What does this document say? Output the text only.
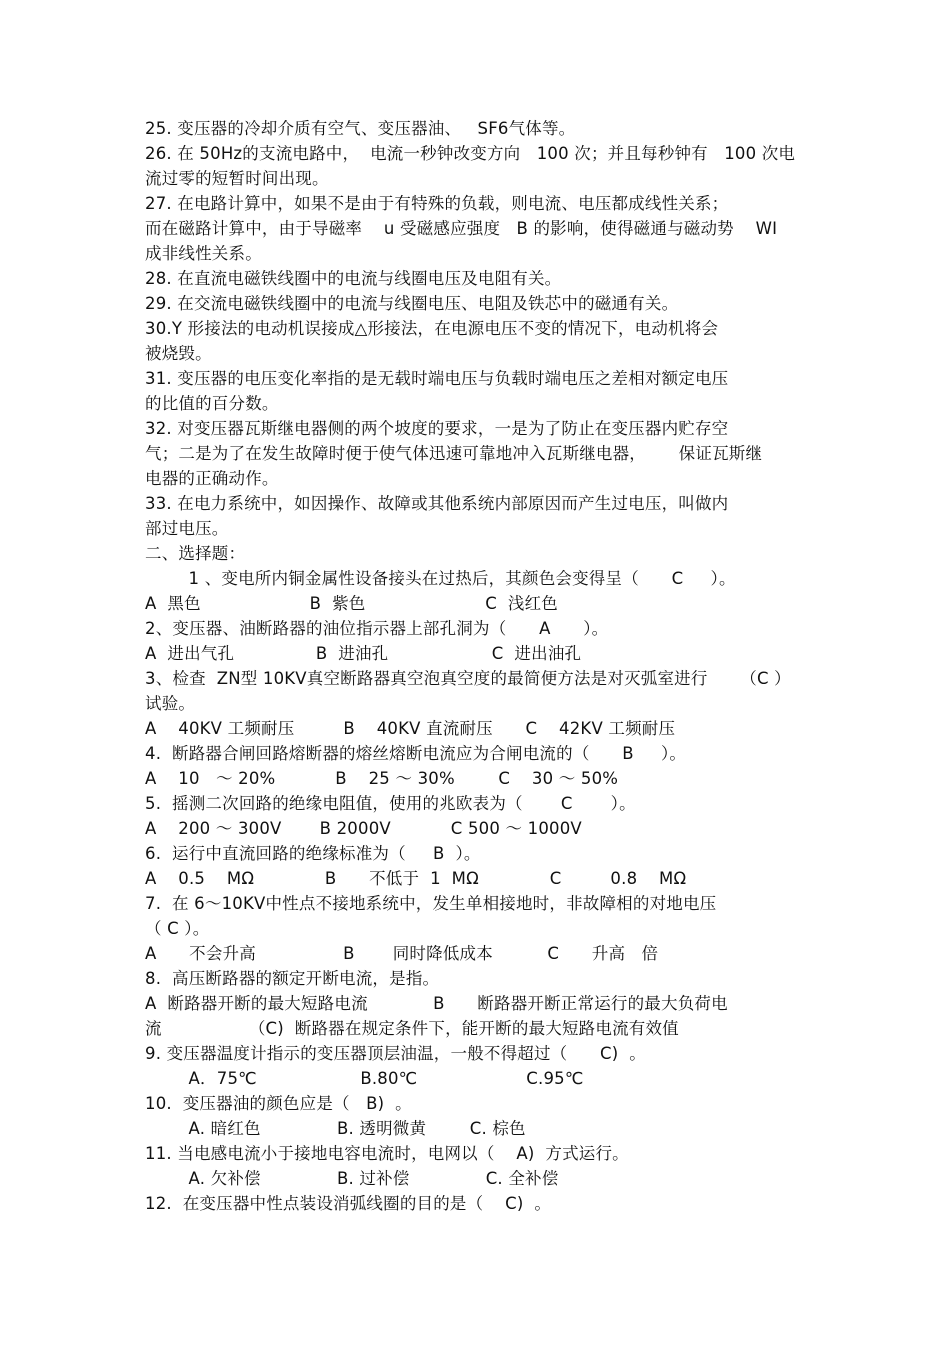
25. 变压器的冷却介质有空气、变压器油、   SF6气体等。
26. 在 50Hz的支流电路中，  电流一秒钟改变方向   100 次；并且每秒钟有   100 次电
流过零的短暂时间出现。
27. 在电路计算中，如果不是由于有特殊的负载，则电流、电压都成线性关系；
而在磁路计算中，由于导磁率    u 受磁感应强度   B 的影响，使得磁通与磁动势    WI
成非线性关系。
28. 在直流电磁铁线圈中的电流与线圈电压及电阻有关。
29. 在交流电磁铁线圈中的电流与线圈电压、电阻及铁芯中的磁通有关。
30.Y 形接法的电动机误接成△形接法，在电源电压不变的情况下，电动机将会
被烧毁。
31. 变压器的电压变化率指的是无载时端电压与负载时端电压之差相对额定电压
的比值的百分数。
32. 对变压器瓦斯继电器侧的两个坡度的要求，一是为了防止在变压器内贮存空
气；二是为了在发生故障时便于使气体迅速可靠地冲入瓦斯继电器，      保证瓦斯继
电器的正确动作。
33. 在电力系统中，如因操作、故障或其他系统内部原因而产生过电压，叫做内
部过电压。
二、选择题：
1 、变电所内铜金属性设备接头在过热后，其颜色会变得呈（      C     ）。
A  黑色                    B  紫色                      C  浅红色
2、变压器、油断路器的油位指示器上部孔洞为（      A      ）。
A  进出气孔               B  进油孔                   C  进出油孔
3、检查  ZN型 10KV真空断路器真空泡真空度的最简便方法是对灭弧室进行      （C ）
试验。
A    40KV 工频耐压         B    40KV 直流耐压      C    42KV 工频耐压
4.  断路器合闸回路熔断器的熔丝熔断电流应为合闸电流的（      B     ）。
A    10   ～ 20%           B    25 ～ 30%        C    30 ～ 50%
5.  摇测二次回路的绝缘电阻值，使用的兆欧表为（       C       ）。
A    200 ～ 300V       B 2000V           C 500 ～ 1000V
6.  运行中直流回路的绝缘标准为（     B  ）。
A    0.5    MΩ             B      不低于  1  MΩ             C         0.8    MΩ
7.  在 6～10KV中性点不接地系统中，发生单相接地时，非故障相的对地电压
（ C ）。
A      不会升高                B       同时降低成本          C      升高   倍
8.  高压断路器的额定开断电流，是指。
A  断路器开断的最大短路电流            B      断路器开断正常运行的最大负荷电
流                （C)  断路器在规定条件下，能开断的最大短路电流有效值
9. 变压器温度计指示的变压器顶层油温，一般不得超过（      C)  。
A．75℃                   B.80℃                    C.95℃
10.  变压器油的颜色应是（   B)  。
A. 暗红色              B. 透明微黄        C. 棕色
11. 当电感电流小于接地电容电流时，电网以（    A)  方式运行。
A. 欠补偿              B. 过补偿              C. 全补偿
12.  在变压器中性点装设消弧线圈的目的是（    C)  。
